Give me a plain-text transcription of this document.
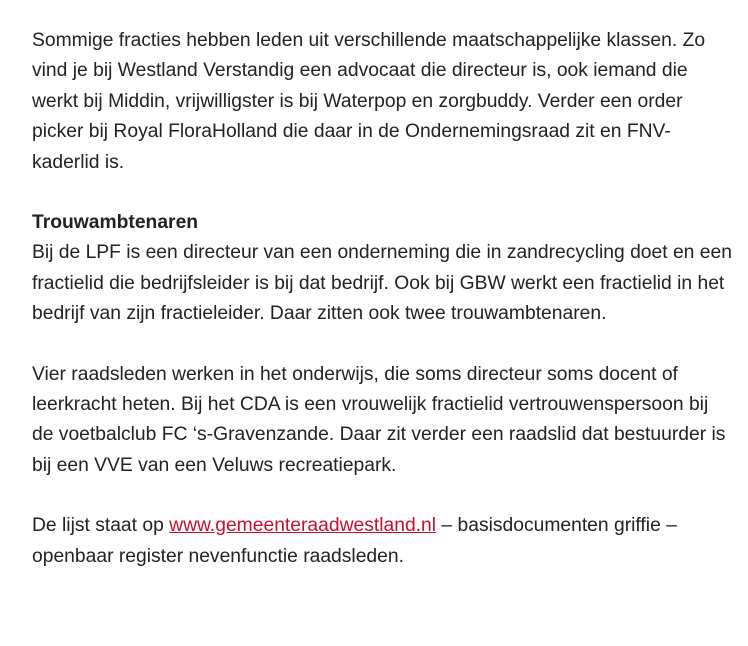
Sommige fracties hebben leden uit verschillende maatschappelijke klassen. Zo vind je bij Westland Verstandig een advocaat die directeur is, ook iemand die werkt bij Middin, vrijwilligster is bij Waterpop en zorgbuddy. Verder een order picker bij Royal FloraHolland die daar in de Ondernemingsraad zit en FNV-kaderlid is.

Trouwambtenaren

Bij de LPF is een directeur van een onderneming die in zandrecycling doet en een fractielid die bedrijfsleider is bij dat bedrijf. Ook bij GBW werkt een fractielid in het bedrijf van zijn fractieleider. Daar zitten ook twee trouwambtenaren.

Vier raadsleden werken in het onderwijs, die soms directeur soms docent of leerkracht heten. Bij het CDA is een vrouwelijk fractielid vertrouwenspersoon bij de voetbalclub FC ‘s-Gravenzande. Daar zit verder een raadslid dat bestuurder is bij een VVE van een Veluws recreatiepark.

De lijst staat op www.gemeenteraadwestland.nl – basisdocumenten griffie – openbaar register nevenfunctie raadsleden.
